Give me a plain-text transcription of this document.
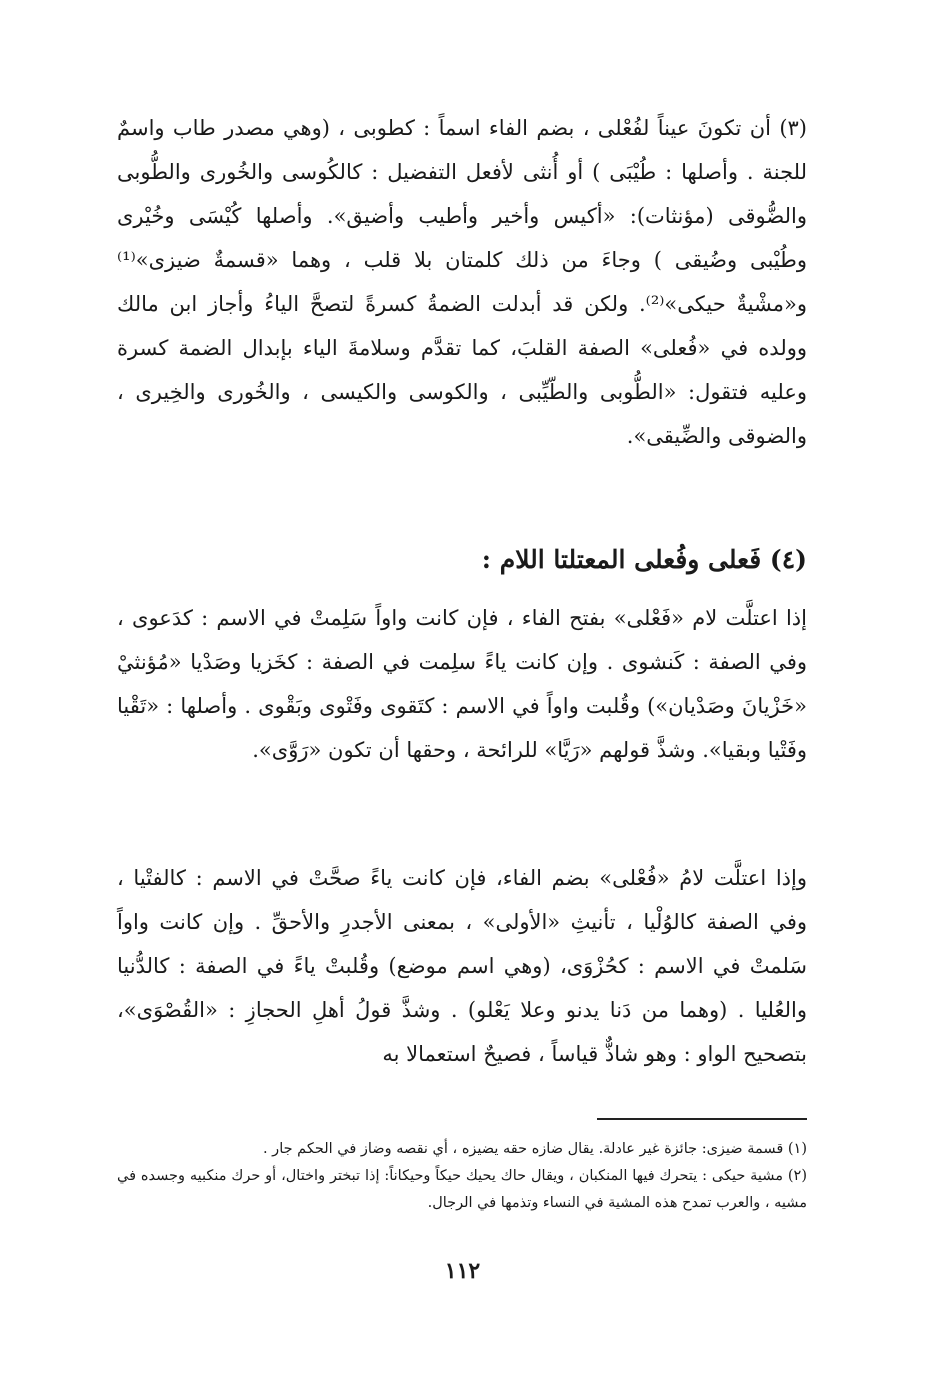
(٣) أن تكونَ عيناً لفُعْلى ، بضم الفاء اسماً : كطوبى ، (وهي مصدر طاب واسمٌ للجنة . وأصلها : طُيْبَى ) أو أُنثى لأفعل التفضيل : كالكُوسى والخُورى والطُّوبى والضُّوقى (مؤنثات): «أكيس وأخير وأطيب وأضيق». وأصلها كُيْسَى وخُيْرى وطُيْبى وضُيقى ) وجاءَ من ذلك كلمتان بلا قلب ، وهما «قسمةٌ ضيزى»⁽¹⁾ و«مشْيةٌ حيكى»⁽²⁾. ولكن قد أبدلت الضمةُ كسرةً لتصحَّ الياءُ وأجاز ابن مالك وولده في «فُعلى» الصفة القلبَ، كما تقدَّم وسلامةَ الياء بإبدال الضمة كسرة وعليه فتقول: «الطُّوبى والطّيِّبى ، والكوسى والكيسى ، والخُورى والخِيرى ، والضوقى والضِّيقى».

(٤) فَعلى وفُعلى المعتلتا اللام :

إذا اعتلَّت لام «فَعْلى» بفتح الفاء ، فإن كانت واواً سَلِمتْ في الاسم : كدَعوى ، وفي الصفة : كَنشوى . وإن كانت ياءً سلِمت في الصفة : كخَزيا وصَدْيا «مُؤنثيْ «خَزْيانَ وصَدْيان») وقُلبت واواً في الاسم : كتَقوى وفَتْوى وبَقْوى . وأصلها : «تَقْيا وفَتْيا وبقيا». وشذَّ قولهم «رَيَّا» للرائحة ، وحقها أن تكون «رَوَّى».

وإذا اعتلَّت لامُ «فُعْلى» بضم الفاء، فإن كانت ياءً صحَّتْ في الاسم : كالفتْيا ، وفي الصفة كالوُلْيا ، تأنيثِ «الأولى» ، بمعنى الأجدرِ والأحقِّ . وإن كانت واواً سَلمتْ في الاسم : كحُزْوَى، (وهي اسم موضع) وقُلبتْ ياءً في الصفة : كالدُّنيا والعُليا . (وهما من دَنا يدنو وعلا يَعْلو) . وشذَّ قولُ أهلِ الحجازِ : «القُصْوَى»، بتصحيح الواو : وهو شاذٌّ قياساً ، فصيحٌ استعمالا به

(١) قسمة ضيزى: جائزة غير عادلة. يقال ضازه حقه يضيزه ، أي نقصه وضاز في الحكم جار .
(٢) مشية حيكى : يتحرك فيها المنكبان ، ويقال حاك يحيك حيكاً وحيكاناً: إذا تبختر واختال، أو حرك منكبيه وجسده في مشيه ، والعرب تمدح هذه المشية في النساء وتذمها في الرجال.
١١٢
